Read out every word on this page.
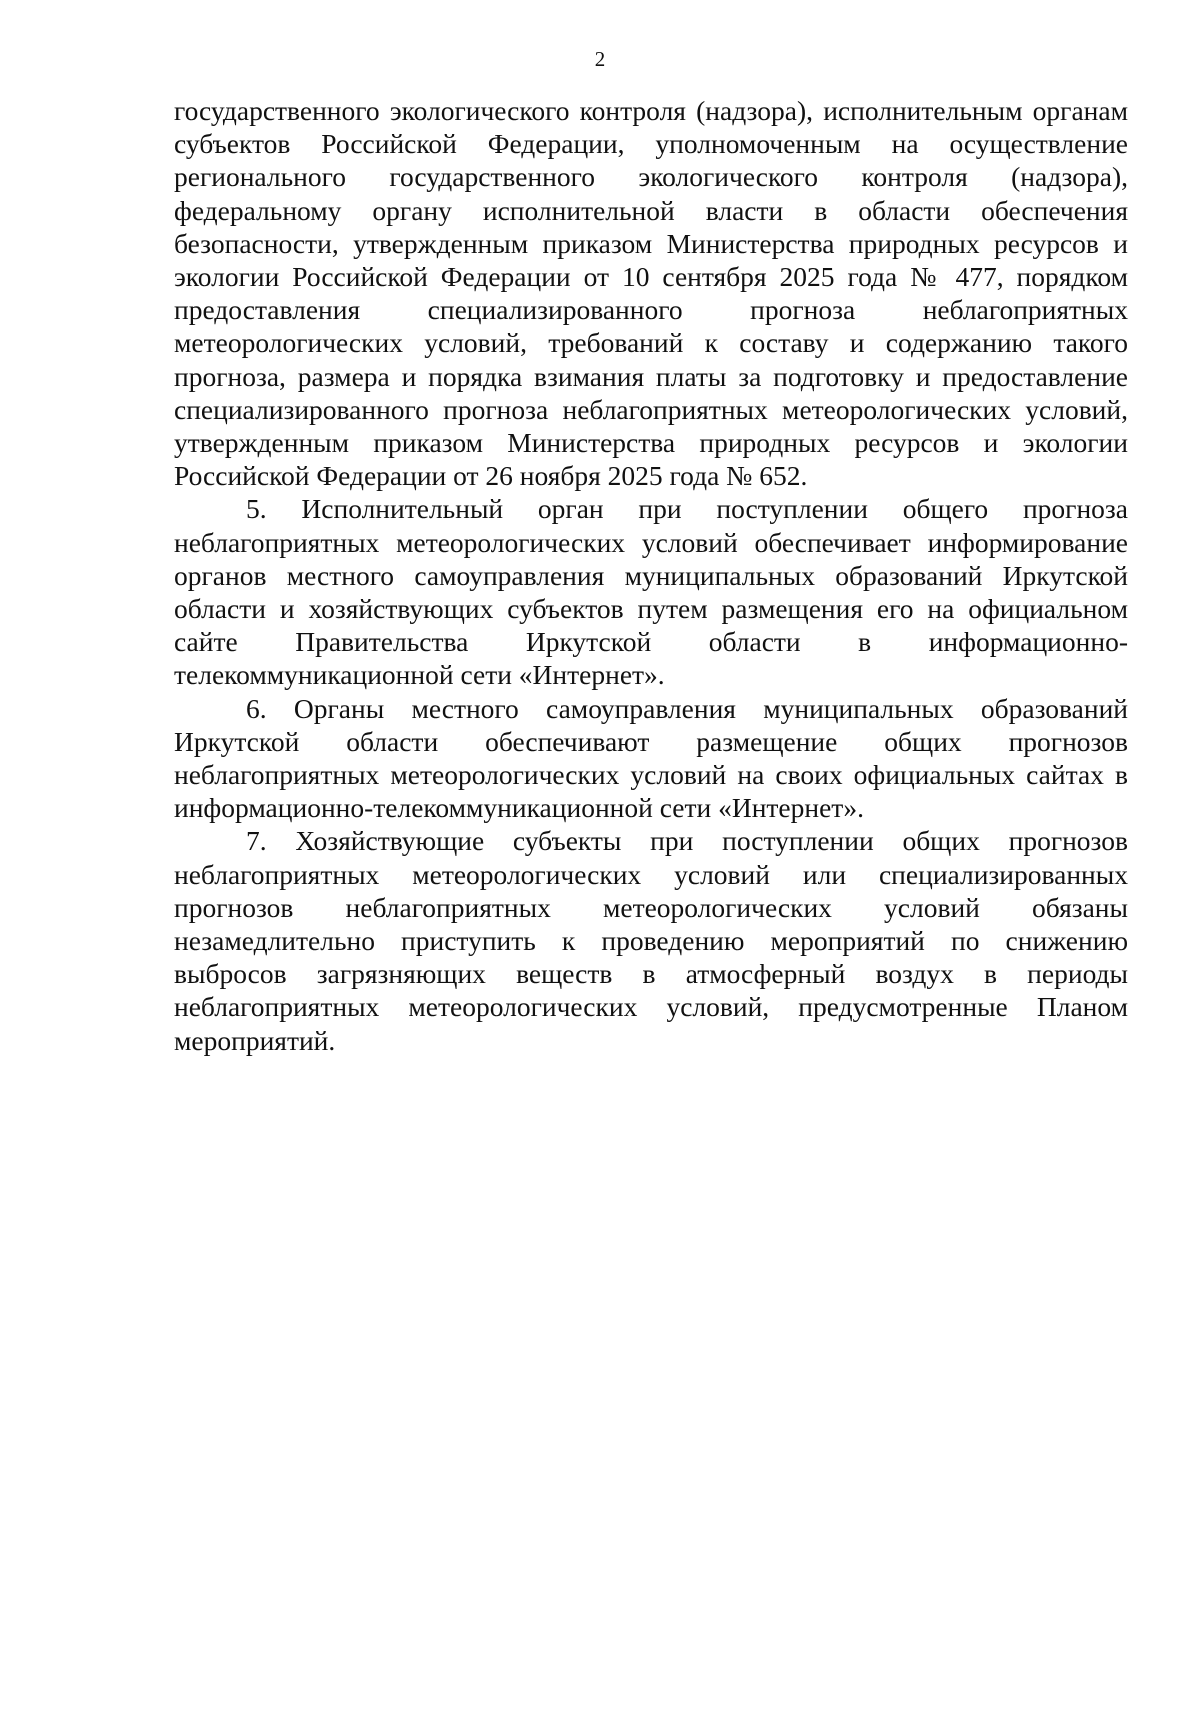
2

государственного экологического контроля (надзора), исполнительным органам субъектов Российской Федерации, уполномоченным на осуществление регионального государственного экологического контроля (надзора), федеральному органу исполнительной власти в области обеспечения безопасности, утвержденным приказом Министерства природных ресурсов и экологии Российской Федерации от 10 сентября 2025 года № 477, порядком предоставления специализированного прогноза неблагоприятных метеорологических условий, требований к составу и содержанию такого прогноза, размера и порядка взимания платы за подготовку и предоставление специализированного прогноза неблагоприятных метеорологических условий, утвержденным приказом Министерства природных ресурсов и экологии Российской Федерации от 26 ноября 2025 года № 652.

5. Исполнительный орган при поступлении общего прогноза неблагоприятных метеорологических условий обеспечивает информирование органов местного самоуправления муниципальных образований Иркутской области и хозяйствующих субъектов путем размещения его на официальном сайте Правительства Иркутской области в информационно-телекоммуникационной сети «Интернет».

6. Органы местного самоуправления муниципальных образований Иркутской области обеспечивают размещение общих прогнозов неблагоприятных метеорологических условий на своих официальных сайтах в информационно-телекоммуникационной сети «Интернет».

7. Хозяйствующие субъекты при поступлении общих прогнозов неблагоприятных метеорологических условий или специализированных прогнозов неблагоприятных метеорологических условий обязаны незамедлительно приступить к проведению мероприятий по снижению выбросов загрязняющих веществ в атмосферный воздух в периоды неблагоприятных метеорологических условий, предусмотренные Планом мероприятий.
